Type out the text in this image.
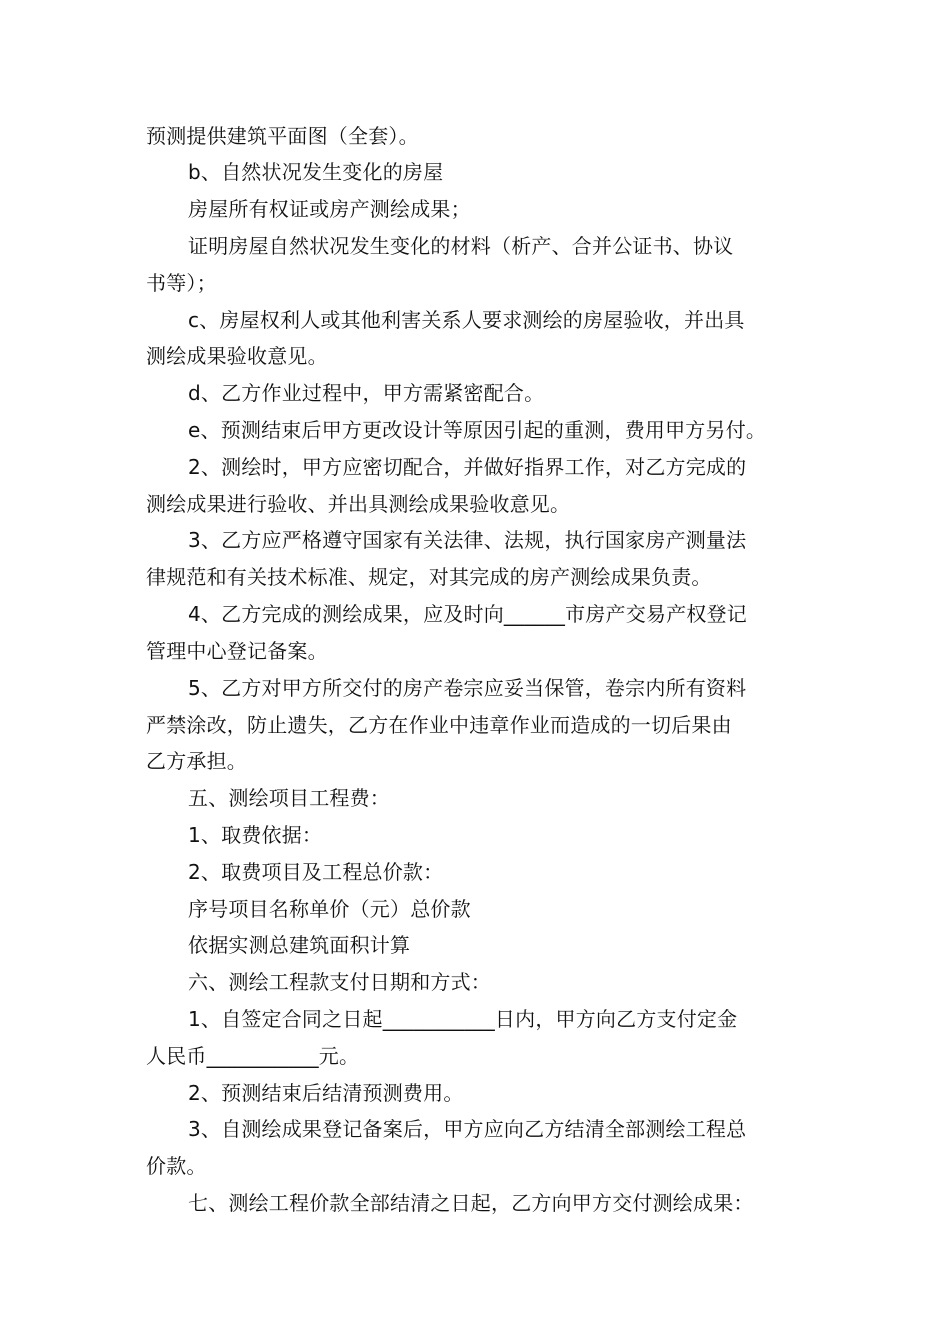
预测提供建筑平面图（全套）。
b、自然状况发生变化的房屋
房屋所有权证或房产测绘成果；
证明房屋自然状况发生变化的材料（析产、合并公证书、协议
书等）；
c、房屋权利人或其他利害关系人要求测绘的房屋验收，并出具
测绘成果验收意见。
d、乙方作业过程中，甲方需紧密配合。
e、预测结束后甲方更改设计等原因引起的重测，费用甲方另付。
2、测绘时，甲方应密切配合，并做好指界工作，对乙方完成的
测绘成果进行验收、并出具测绘成果验收意见。
3、乙方应严格遵守国家有关法律、法规，执行国家房产测量法
律规范和有关技术标准、规定，对其完成的房产测绘成果负责。
4、乙方完成的测绘成果，应及时向______市房产交易产权登记
管理中心登记备案。
5、乙方对甲方所交付的房产卷宗应妥当保管，卷宗内所有资料
严禁涂改，防止遗失，乙方在作业中违章作业而造成的一切后果由
乙方承担。
五、测绘项目工程费：
1、取费依据：
2、取费项目及工程总价款：
序号项目名称单价（元）总价款
依据实测总建筑面积计算
六、测绘工程款支付日期和方式：
1、自签定合同之日起___________日内，甲方向乙方支付定金
人民币___________元。
2、预测结束后结清预测费用。
3、自测绘成果登记备案后，甲方应向乙方结清全部测绘工程总
价款。
七、测绘工程价款全部结清之日起，乙方向甲方交付测绘成果：
